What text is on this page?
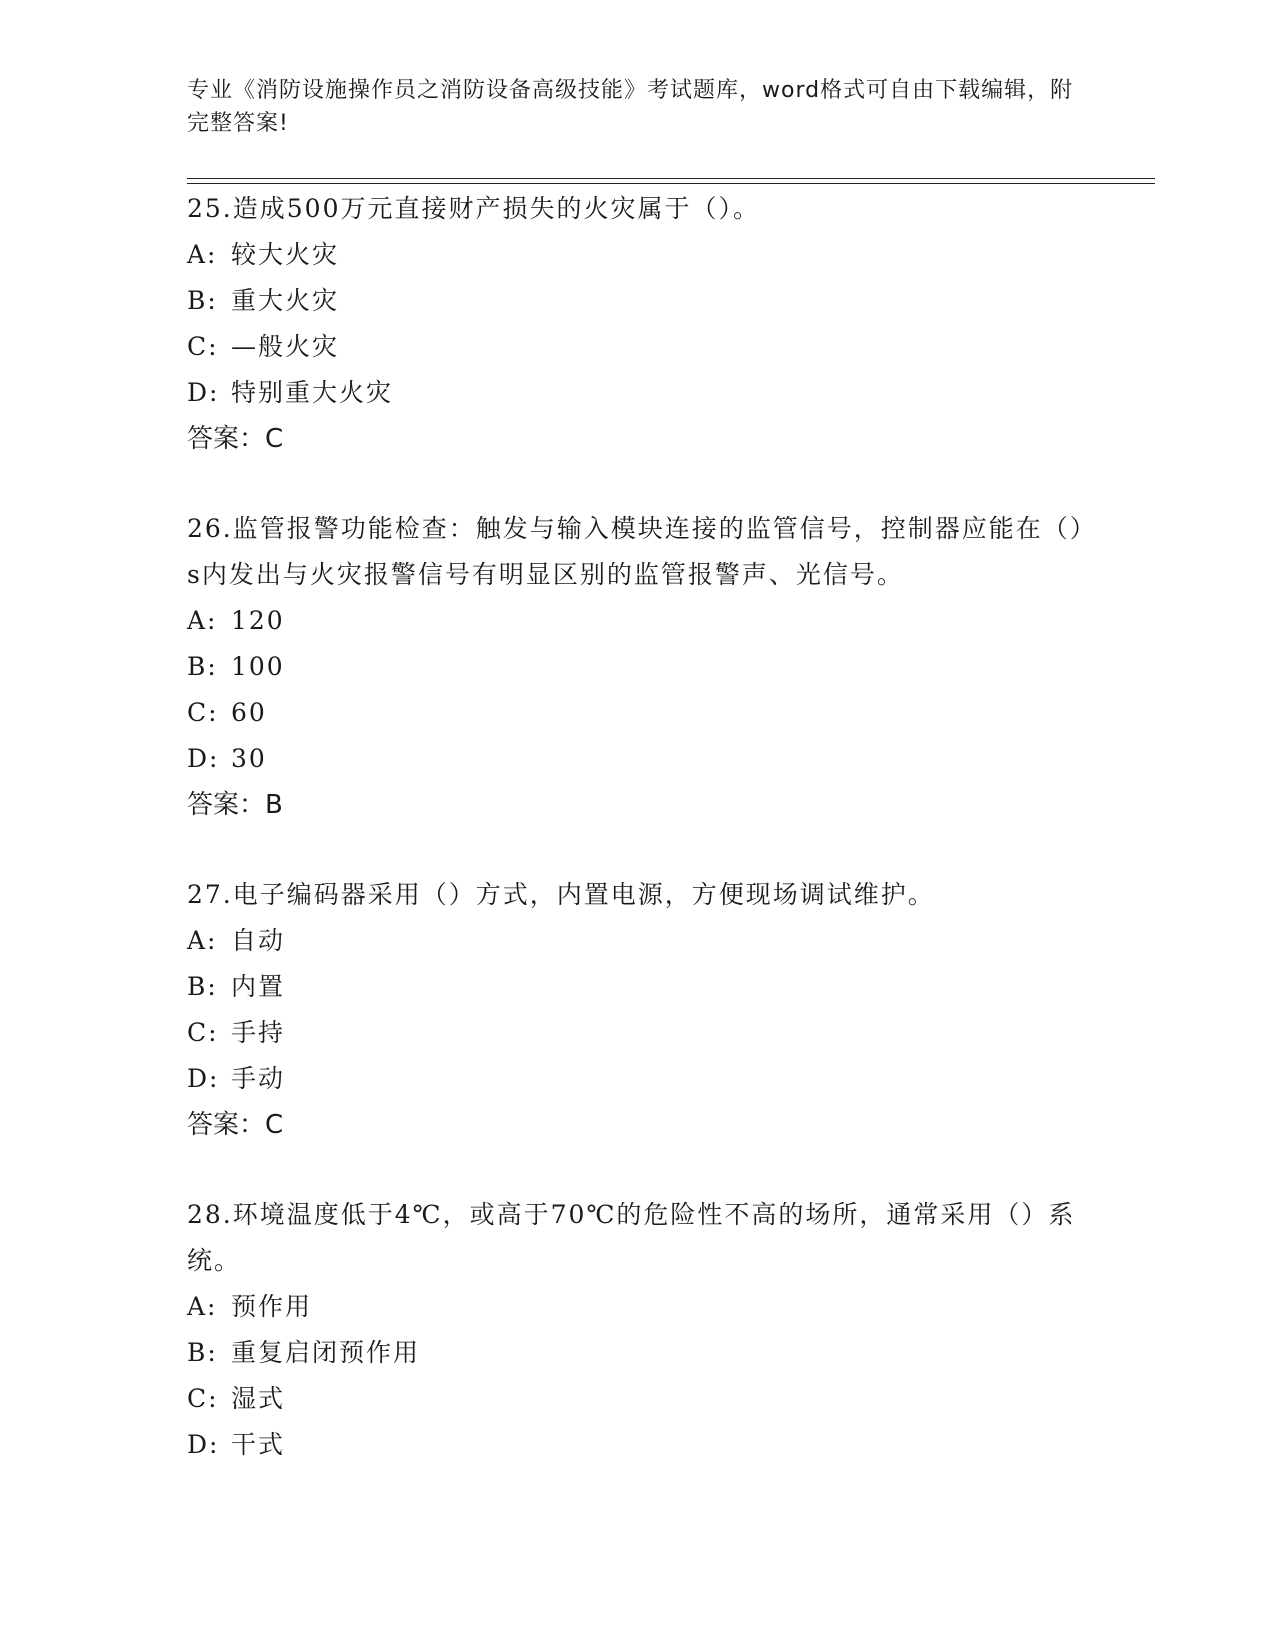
专业《消防设施操作员之消防设备高级技能》考试题库，word格式可自由下载编辑，附完整答案!

25.造成500万元直接财产损失的火灾属于（）。

A: 较大火灾

B: 重大火灾

C: —般火灾

D: 特别重大火灾

答案：C

26.监管报警功能检查：触发与输入模块连接的监管信号，控制器应能在（）s内发出与火灾报警信号有明显区别的监管报警声、光信号。

A: 120

B: 100

C: 60

D: 30

答案：B

27.电子编码器采用（）方式，内置电源，方便现场调试维护。

A: 自动

B: 内置

C: 手持

D: 手动

答案：C

28.环境温度低于4℃，或高于70℃的危险性不高的场所，通常采用（）系统。

A: 预作用

B: 重复启闭预作用

C: 湿式

D: 干式
